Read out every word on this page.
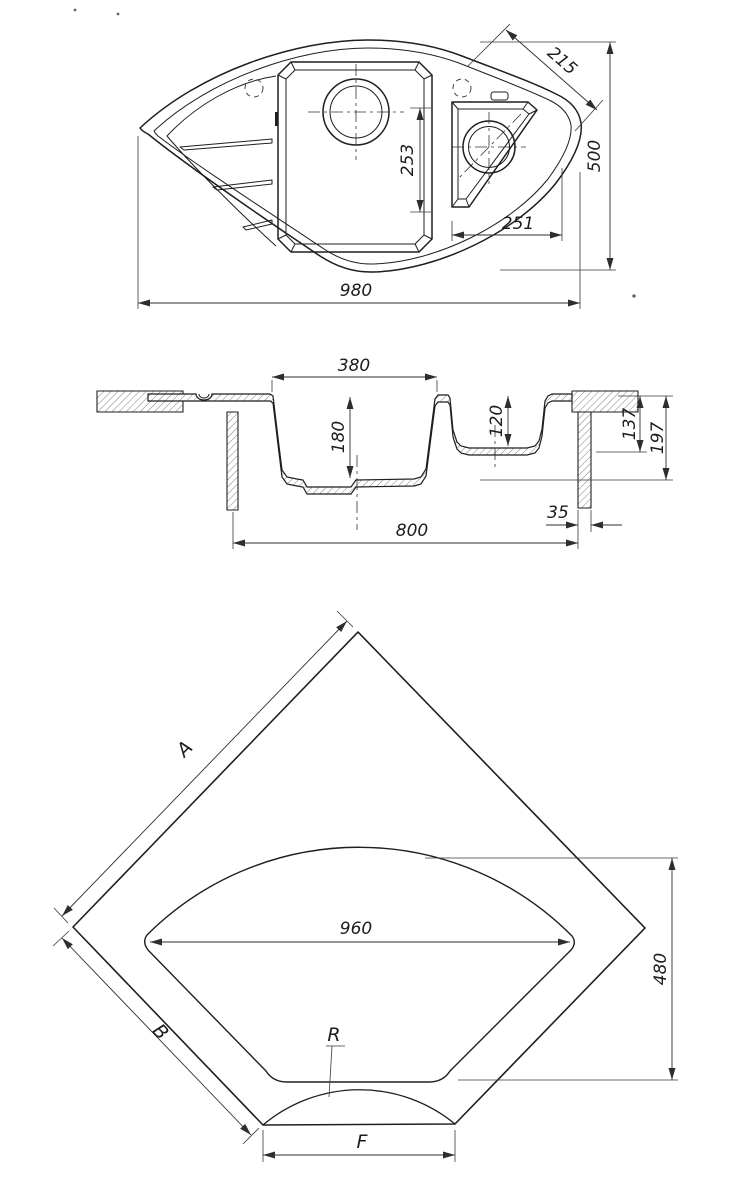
215
500
253
251
980
380
180	120	137 197
35
800
A
B
960
480
R
F
